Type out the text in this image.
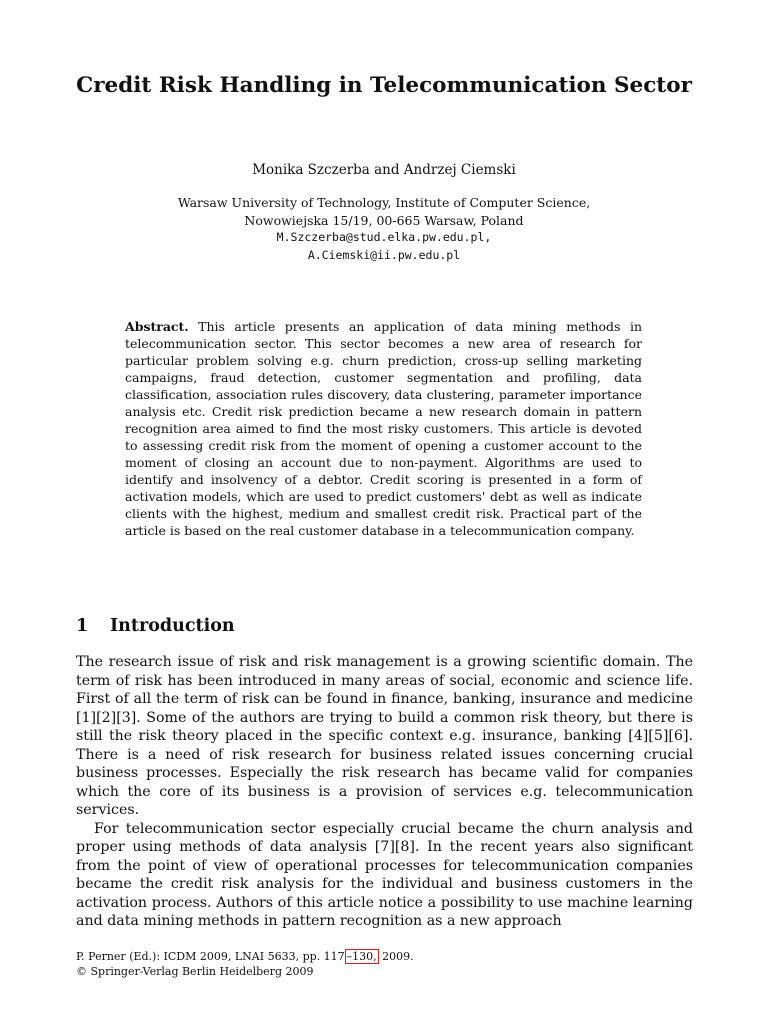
Credit Risk Handling in Telecommunication Sector
Monika Szczerba and Andrzej Ciemski
Warsaw University of Technology, Institute of Computer Science,
Nowowiejska 15/19, 00-665 Warsaw, Poland
M.Szczerba@stud.elka.pw.edu.pl,
A.Ciemski@ii.pw.edu.pl

Abstract. This article presents an application of data mining methods in telecommunication sector. This sector becomes a new area of research for particular problem solving e.g. churn prediction, cross-up selling marketing campaigns, fraud detection, customer segmentation and profiling, data classification, association rules discovery, data clustering, parameter importance analysis etc. Credit risk prediction became a new research domain in pattern recognition area aimed to find the most risky customers. This article is devoted to assessing credit risk from the moment of opening a customer account to the moment of closing an account due to non-payment. Algorithms are used to identify and insolvency of a debtor. Credit scoring is presented in a form of activation models, which are used to predict customers' debt as well as indicate clients with the highest, medium and smallest credit risk. Practical part of the article is based on the real customer database in a telecommunication company.

1 Introduction

The research issue of risk and risk management is a growing scientific domain. The term of risk has been introduced in many areas of social, economic and science life. First of all the term of risk can be found in finance, banking, insurance and medicine [1][2][3]. Some of the authors are trying to build a common risk theory, but there is still the risk theory placed in the specific context e.g. insurance, banking [4][5][6]. There is a need of risk research for business related issues concerning crucial business processes. Especially the risk research has became valid for companies which the core of its business is a provision of services e.g. telecommunication services.

For telecommunication sector especially crucial became the churn analysis and proper using methods of data analysis [7][8]. In the recent years also significant from the point of view of operational processes for telecommunication companies became the credit risk analysis for the individual and business customers in the activation process. Authors of this article notice a possibility to use machine learning and data mining methods in pattern recognition as a new approach

P. Perner (Ed.): ICDM 2009, LNAI 5633, pp. 117 –130, 2009.
© Springer-Verlag Berlin Heidelberg 2009
